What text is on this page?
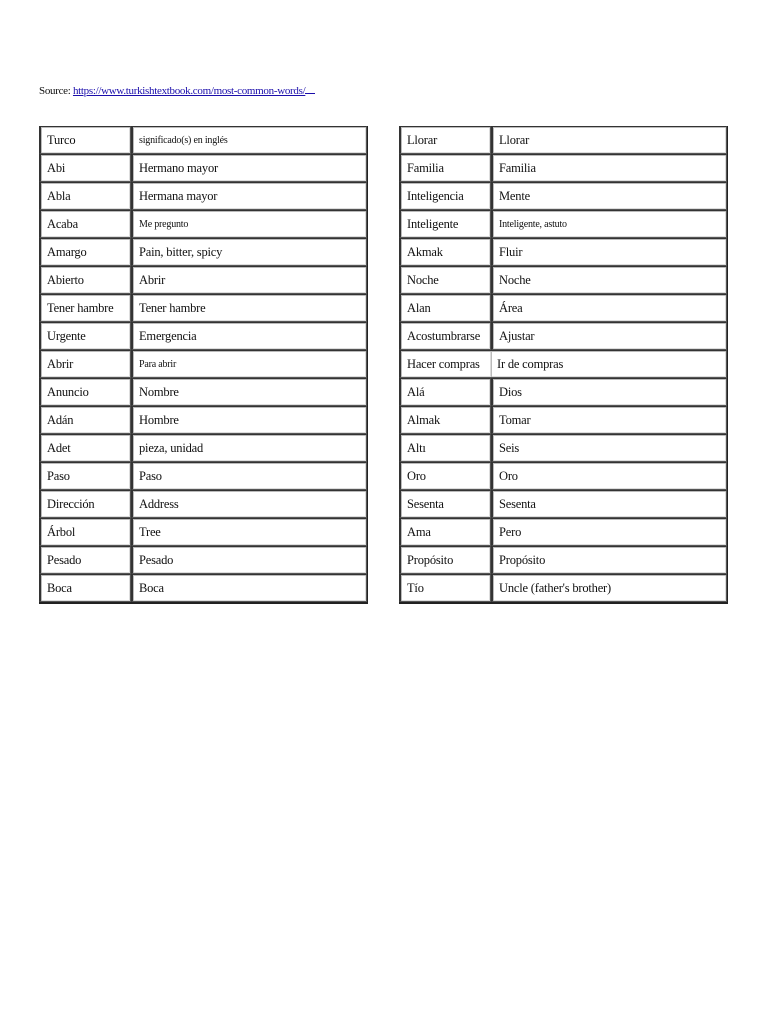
Source: https://www.turkishtextbook.com/most-common-words/
Turco	significado(s) en inglés
Abi	Hermano mayor
Abla	Hermana mayor
Acaba	Me pregunto
Amargo	Pain, bitter, spicy
Abierto	Abrir
Tener hambre	Tener hambre
Urgente	Emergencia
Abrir	Para abrir
Anuncio	Nombre
Adán	Hombre
Adet	pieza, unidad
Paso	Paso
Dirección	Address
Árbol	Tree
Pesado	Pesado
Boca	Boca
Llorar	Llorar
Familia	Familia
Inteligencia	Mente
Inteligente	Inteligente, astuto
Akmak	Fluir
Noche	Noche
Alan	Área
Acostumbrarse	Ajustar
Hacer compras	Ir de compras
Alá	Dios
Almak	Tomar
Altı	Seis
Oro	Oro
Sesenta	Sesenta
Ama	Pero
Propósito	Propósito
Tío	Uncle (father's brother)
